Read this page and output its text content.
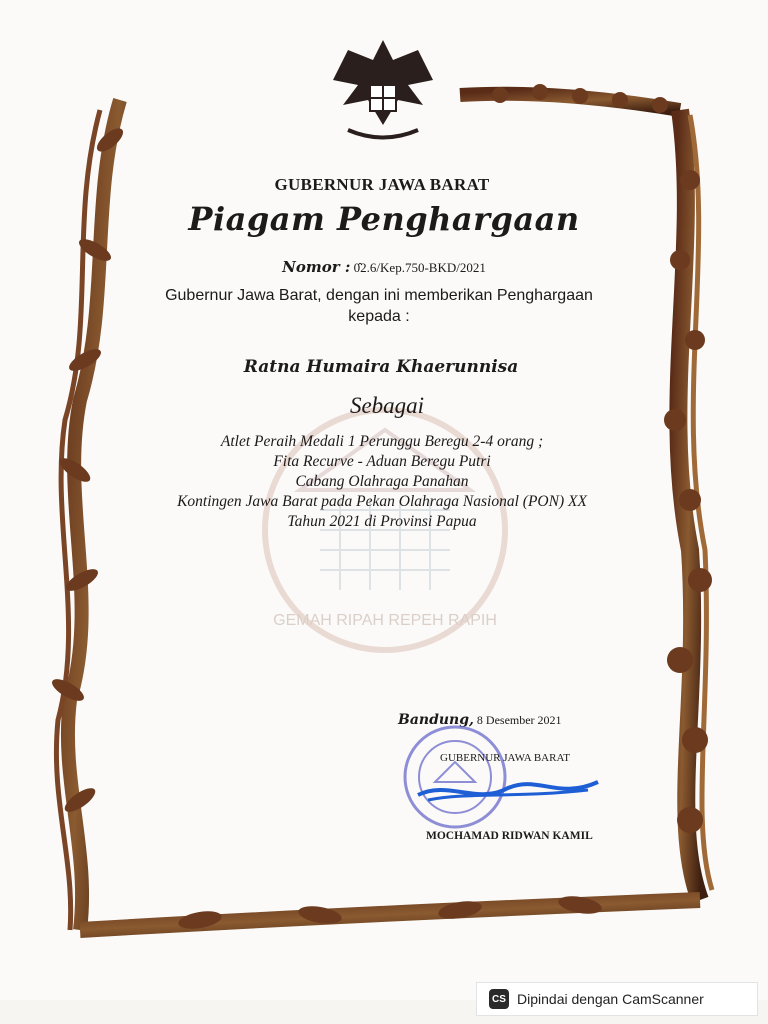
GEMAH RIPAH REPEH RAPIH
GUBERNUR JAWA BARAT
Piagam Penghargaan
Nomor : 0̂2.6/Kep.750-BKD/2021
Gubernur Jawa Barat, dengan ini memberikan Penghargaan
kepada :
Ratna Humaira Khaerunnisa
Sebagai
Atlet Peraih Medali 1 Perunggu Beregu 2-4 orang ;
Fita Recurve - Aduan Beregu Putri
Cabang Olahraga Panahan
Kontingen Jawa Barat pada Pekan Olahraga Nasional (PON) XX
Tahun 2021 di Provinsi Papua
Bandung, 8 Desember 2021
GUBERNUR JAWA BARAT
MOCHAMAD RIDWAN KAMIL
CS Dipindai dengan CamScanner
